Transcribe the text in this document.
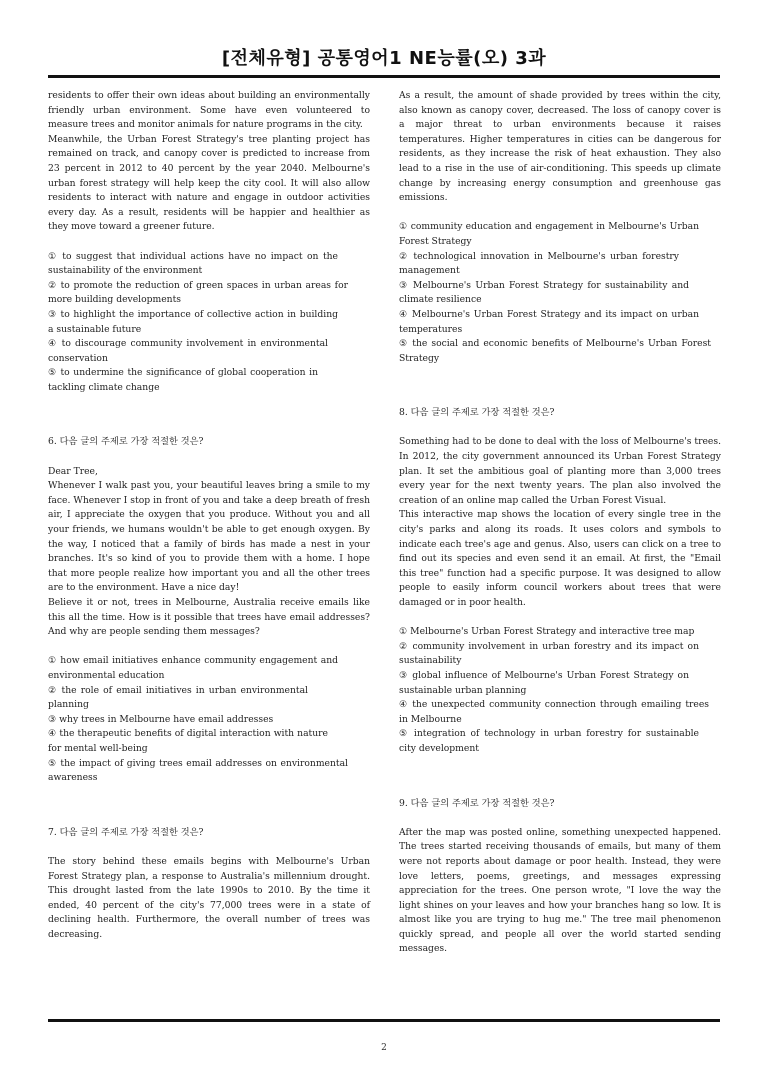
[전체유형] 공통영어1 NE능률(오) 3과

residents to offer their own ideas about building an environmentally friendly urban environment. Some have even volunteered to measure trees and monitor animals for nature programs in the city.

Meanwhile, the Urban Forest Strategy's tree planting project has remained on track, and canopy cover is predicted to increase from 23 percent in 2012 to 40 percent by the year 2040. Melbourne's urban forest strategy will help keep the city cool. It will also allow residents to interact with nature and engage in outdoor activities every day. As a result, residents will be happier and healthier as they move toward a greener future.

① to suggest that individual actions have no impact on the sustainability of the environment

② to promote the reduction of green spaces in urban areas for more building developments

③ to highlight the importance of collective action in building a sustainable future

④ to discourage community involvement in environmental conservation

⑤ to undermine the significance of global cooperation in tackling climate change

6. 다음 글의 주제로 가장 적절한 것은?

Dear Tree,

Whenever I walk past you, your beautiful leaves bring a smile to my face. Whenever I stop in front of you and take a deep breath of fresh air, I appreciate the oxygen that you produce. Without you and all your friends, we humans wouldn't be able to get enough oxygen. By the way, I noticed that a family of birds has made a nest in your branches. It's so kind of you to provide them with a home. I hope that more people realize how important you and all the other trees are to the environment. Have a nice day!

Believe it or not, trees in Melbourne, Australia receive emails like this all the time. How is it possible that trees have email addresses? And why are people sending them messages?

① how email initiatives enhance community engagement and environmental education

② the role of email initiatives in urban environmental planning

③ why trees in Melbourne have email addresses

④ the therapeutic benefits of digital interaction with nature for mental well-being

⑤ the impact of giving trees email addresses on environmental awareness

7. 다음 글의 주제로 가장 적절한 것은?

The story behind these emails begins with Melbourne's Urban Forest Strategy plan, a response to Australia's millennium drought. This drought lasted from the late 1990s to 2010. By the time it ended, 40 percent of the city's 77,000 trees were in a state of declining health. Furthermore, the overall number of trees was decreasing.

As a result, the amount of shade provided by trees within the city, also known as canopy cover, decreased. The loss of canopy cover is a major threat to urban environments because it raises temperatures. Higher temperatures in cities can be dangerous for residents, as they increase the risk of heat exhaustion. They also lead to a rise in the use of air-conditioning. This speeds up climate change by increasing energy consumption and greenhouse gas emissions.

① community education and engagement in Melbourne's Urban Forest Strategy

② technological innovation in Melbourne's urban forestry management

③ Melbourne's Urban Forest Strategy for sustainability and climate resilience

④ Melbourne's Urban Forest Strategy and its impact on urban temperatures

⑤ the social and economic benefits of Melbourne's Urban Forest Strategy

8. 다음 글의 주제로 가장 적절한 것은?

Something had to be done to deal with the loss of Melbourne's trees. In 2012, the city government announced its Urban Forest Strategy plan. It set the ambitious goal of planting more than 3,000 trees every year for the next twenty years. The plan also involved the creation of an online map called the Urban Forest Visual.

This interactive map shows the location of every single tree in the city's parks and along its roads. It uses colors and symbols to indicate each tree's age and genus. Also, users can click on a tree to find out its species and even send it an email. At first, the "Email this tree" function had a specific purpose. It was designed to allow people to easily inform council workers about trees that were damaged or in poor health.

① Melbourne's Urban Forest Strategy and interactive tree map

② community involvement in urban forestry and its impact on sustainability

③ global influence of Melbourne's Urban Forest Strategy on sustainable urban planning

④ the unexpected community connection through emailing trees in Melbourne

⑤ integration of technology in urban forestry for sustainable city development

9. 다음 글의 주제로 가장 적절한 것은?

After the map was posted online, something unexpected happened. The trees started receiving thousands of emails, but many of them were not reports about damage or poor health. Instead, they were love letters, poems, greetings, and messages expressing appreciation for the trees. One person wrote, "I love the way the light shines on your leaves and how your branches hang so low. It is almost like you are trying to hug me." The tree mail phenomenon quickly spread, and people all over the world started sending messages.

2
